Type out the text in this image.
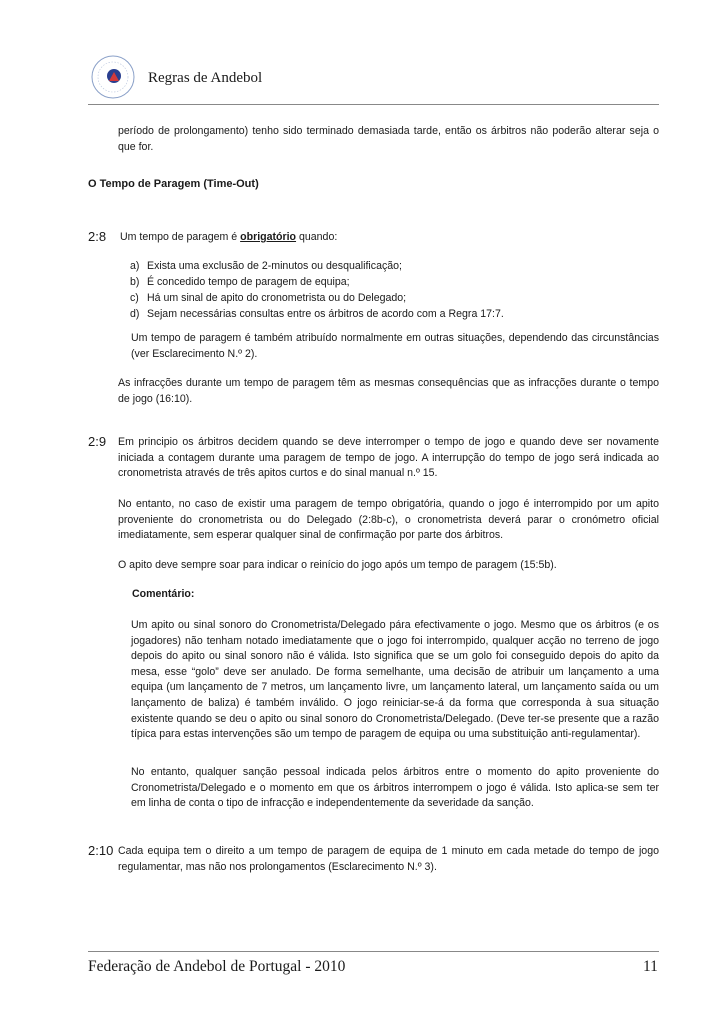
Regras de Andebol
período de prolongamento) tenho sido terminado demasiada tarde, então os árbitros não poderão alterar seja o que for.
O Tempo de Paragem (Time-Out)
2:8 Um tempo de paragem é obrigatório quando:
a) Exista uma exclusão de 2-minutos ou desqualificação;
b) É concedido tempo de paragem de equipa;
c) Há um sinal de apito do cronometrista ou do Delegado;
d) Sejam necessárias consultas entre os árbitros de acordo com a Regra 17:7.
Um tempo de paragem é também atribuído normalmente em outras situações, dependendo das circunstâncias (ver Esclarecimento N.º 2).
As infracções durante um tempo de paragem têm as mesmas consequências que as infracções durante o tempo de jogo (16:10).
2:9 Em principio os árbitros decidem quando se deve interromper o tempo de jogo e quando deve ser novamente iniciada a contagem durante uma paragem de tempo de jogo. A interrupção do tempo de jogo será indicada ao cronometrista através de três apitos curtos e do sinal manual n.º 15.
No entanto, no caso de existir uma paragem de tempo obrigatória, quando o jogo é interrompido por um apito proveniente do cronometrista ou do Delegado (2:8b-c), o cronometrista deverá parar o cronómetro oficial imediatamente, sem esperar qualquer sinal de confirmação por parte dos árbitros.
O apito deve sempre soar para indicar o reinício do jogo após um tempo de paragem (15:5b).
Comentário:
Um apito ou sinal sonoro do Cronometrista/Delegado pára efectivamente o jogo. Mesmo que os árbitros (e os jogadores) não tenham notado imediatamente que o jogo foi interrompido, qualquer acção no terreno de jogo depois do apito ou sinal sonoro não é válida. Isto significa que se um golo foi conseguido depois do apito da mesa, esse “golo” deve ser anulado. De forma semelhante, uma decisão de atribuir um lançamento a uma equipa (um lançamento de 7 metros, um lançamento livre, um lançamento lateral, um lançamento saída ou um lançamento de baliza) é também inválido. O jogo reiniciar-se-á da forma que corresponda à sua situação existente quando se deu o apito ou sinal sonoro do Cronometrista/Delegado. (Deve ter-se presente que a razão típica para estas intervenções são um tempo de paragem de equipa ou uma substituição anti-regulamentar).
No entanto, qualquer sanção pessoal indicada pelos árbitros entre o momento do apito proveniente do Cronometrista/Delegado e o momento em que os árbitros interrompem o jogo é válida. Isto aplica-se sem ter em linha de conta o tipo de infracção e independentemente da severidade da sanção.
2:10 Cada equipa tem o direito a um tempo de paragem de equipa de 1 minuto em cada metade do tempo de jogo regulamentar, mas não nos prolongamentos (Esclarecimento N.º 3).
Federação de Andebol de Portugal - 2010	11
